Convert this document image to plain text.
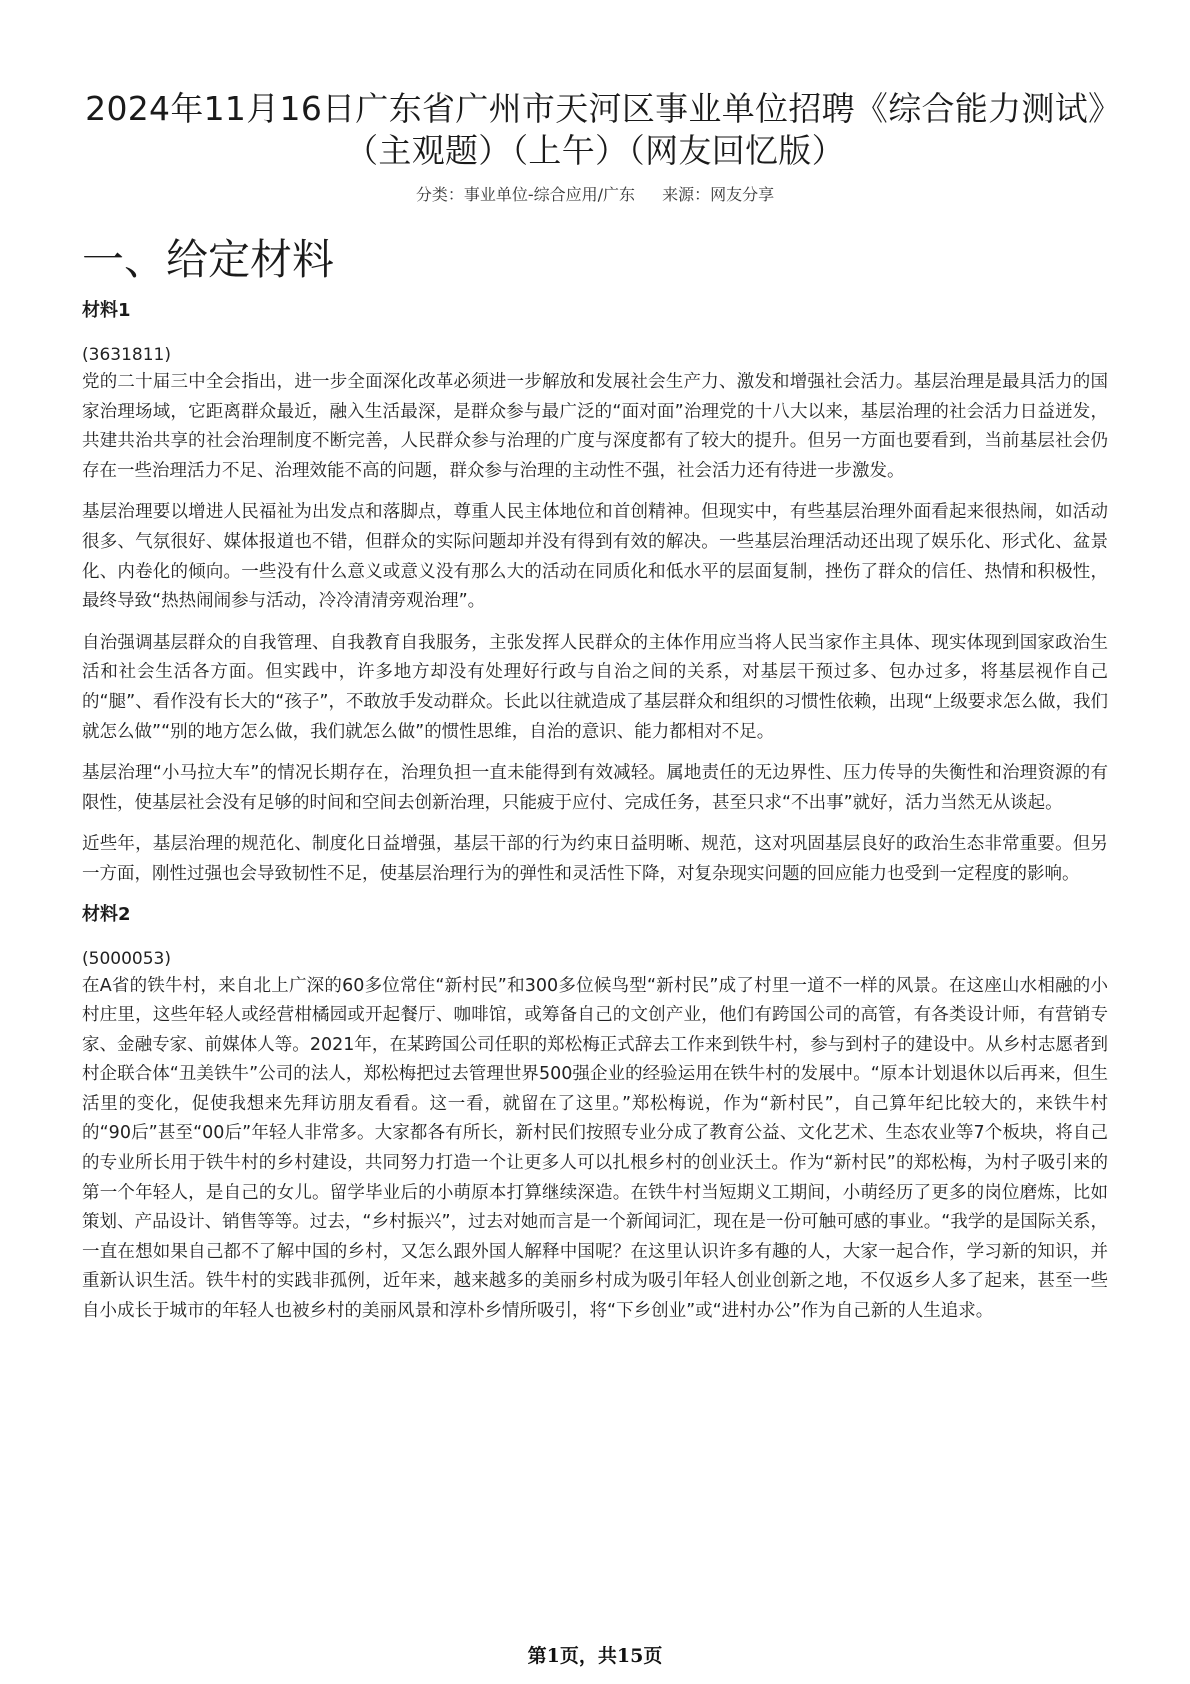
2024年11月16日广东省广州市天河区事业单位招聘《综合能力测试》（主观题）（上午）（网友回忆版）
分类：事业单位-综合应用/广东 来源：网友分享
一、给定材料
材料1
(3631811)

党的二十届三中全会指出，进一步全面深化改革必须进一步解放和发展社会生产力、激发和增强社会活力。基层治理是最具活力的国家治理场域，它距离群众最近，融入生活最深，是群众参与最广泛的“面对面”治理党的十八大以来，基层治理的社会活力日益迸发，共建共治共享的社会治理制度不断完善，人民群众参与治理的广度与深度都有了较大的提升。但另一方面也要看到，当前基层社会仍存在一些治理活力不足、治理效能不高的问题，群众参与治理的主动性不强，社会活力还有待进一步激发。

基层治理要以增进人民福祉为出发点和落脚点，尊重人民主体地位和首创精神。但现实中，有些基层治理外面看起来很热闹，如活动很多、气氛很好、媒体报道也不错，但群众的实际问题却并没有得到有效的解决。一些基层治理活动还出现了娱乐化、形式化、盆景化、内卷化的倾向。一些没有什么意义或意义没有那么大的活动在同质化和低水平的层面复制，挫伤了群众的信任、热情和积极性，最终导致“热热闹闹参与活动，冷冷清清旁观治理”。

自治强调基层群众的自我管理、自我教育自我服务，主张发挥人民群众的主体作用应当将人民当家作主具体、现实体现到国家政治生活和社会生活各方面。但实践中，许多地方却没有处理好行政与自治之间的关系，对基层干预过多、包办过多，将基层视作自己的“腿”、看作没有长大的“孩子”，不敢放手发动群众。长此以往就造成了基层群众和组织的习惯性依赖，出现“上级要求怎么做，我们就怎么做”“别的地方怎么做，我们就怎么做”的惯性思维，自治的意识、能力都相对不足。

基层治理“小马拉大车”的情况长期存在，治理负担一直未能得到有效减轻。属地责任的无边界性、压力传导的失衡性和治理资源的有限性，使基层社会没有足够的时间和空间去创新治理，只能疲于应付、完成任务，甚至只求“不出事”就好，活力当然无从谈起。

近些年，基层治理的规范化、制度化日益增强，基层干部的行为约束日益明晰、规范，这对巩固基层良好的政治生态非常重要。但另一方面，刚性过强也会导致韧性不足，使基层治理行为的弹性和灵活性下降，对复杂现实问题的回应能力也受到一定程度的影响。

材料2
(5000053)

在A省的铁牛村，来自北上广深的60多位常住“新村民”和300多位候鸟型“新村民”成了村里一道不一样的风景。在这座山水相融的小村庄里，这些年轻人或经营柑橘园或开起餐厅、咖啡馆，或筹备自己的文创产业，他们有跨国公司的高管，有各类设计师，有营销专家、金融专家、前媒体人等。2021年，在某跨国公司任职的郑松梅正式辞去工作来到铁牛村，参与到村子的建设中。从乡村志愿者到村企联合体“丑美铁牛”公司的法人，郑松梅把过去管理世界500强企业的经验运用在铁牛村的发展中。“原本计划退休以后再来，但生活里的变化，促使我想来先拜访朋友看看。这一看，就留在了这里。”郑松梅说，作为“新村民”，自己算年纪比较大的，来铁牛村的“90后”甚至“00后”年轻人非常多。大家都各有所长，新村民们按照专业分成了教育公益、文化艺术、生态农业等7个板块，将自己的专业所长用于铁牛村的乡村建设，共同努力打造一个让更多人可以扎根乡村的创业沃土。作为“新村民”的郑松梅，为村子吸引来的第一个年轻人，是自己的女儿。留学毕业后的小萌原本打算继续深造。在铁牛村当短期义工期间，小萌经历了更多的岗位磨炼，比如策划、产品设计、销售等等。过去，“乡村振兴”，过去对她而言是一个新闻词汇，现在是一份可触可感的事业。“我学的是国际关系，一直在想如果自己都不了解中国的乡村，又怎么跟外国人解释中国呢？在这里认识许多有趣的人，大家一起合作，学习新的知识，并重新认识生活。铁牛村的实践非孤例，近年来，越来越多的美丽乡村成为吸引年轻人创业创新之地，不仅返乡人多了起来，甚至一些自小成长于城市的年轻人也被乡村的美丽风景和淳朴乡情所吸引，将“下乡创业”或“进村办公”作为自己新的人生追求。

第1页，共15页
